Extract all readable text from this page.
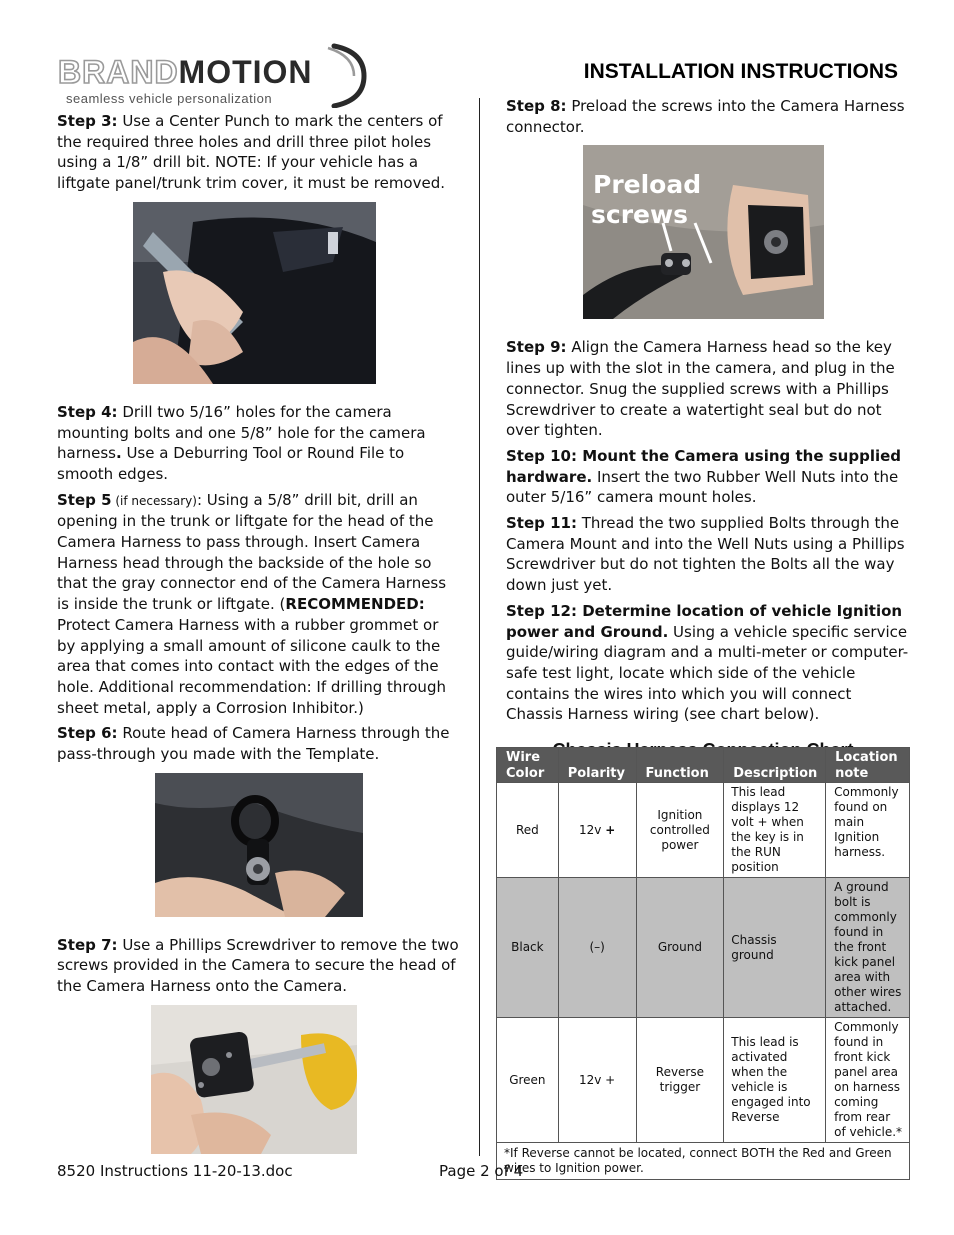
BRANDMOTION
seamless vehicle personalization
INSTALLATION INSTRUCTIONS

Step 3: Use a Center Punch to mark the centers of the required three holes and drill three pilot holes using a 1/8” drill bit. NOTE: If your vehicle has a liftgate panel/trunk trim cover, it must be removed.

Step 4: Drill two 5/16” holes for the camera mounting bolts and one 5/8” hole for the camera harness. Use a Deburring Tool or Round File to smooth edges.

Step 5 (if necessary): Using a 5/8” drill bit, drill an opening in the trunk or liftgate for the head of the Camera Harness to pass through. Insert Camera Harness head through the backside of the hole so that the gray connector end of the Camera Harness is inside the trunk or liftgate. (RECOMMENDED: Protect Camera Harness with a rubber grommet or by applying a small amount of silicone caulk to the area that comes into contact with the edges of the hole. Additional recommendation: If drilling through sheet metal, apply a Corrosion Inhibitor.)

Step 6: Route head of Camera Harness through the pass-through you made with the Template.

Step 7: Use a Phillips Screwdriver to remove the two screws provided in the Camera to secure the head of the Camera Harness onto the Camera.

Step 8: Preload the screws into the Camera Harness connector.

Preload
screws

Step 9: Align the Camera Harness head so the key lines up with the slot in the camera, and plug in the connector. Snug the supplied screws with a Phillips Screwdriver to create a watertight seal but do not over tighten.

Step 10: Mount the Camera using the supplied hardware. Insert the two Rubber Well Nuts into the outer 5/16” camera mount holes.

Step 11: Thread the two supplied Bolts through the Camera Mount and into the Well Nuts using a Phillips Screwdriver but do not tighten the Bolts all the way down just yet.

Step 12: Determine location of vehicle Ignition power and Ground. Using a vehicle specific service guide/wiring diagram and a multi-meter or computer-safe test light, locate which side of the vehicle contains the wires into which you will connect Chassis Harness wiring (see chart below).

Wire Color	Polarity	Function	Description	Location note
Red	12v +	Ignition controlled power	This lead displays 12 volt + when the key is in the RUN position	Commonly found on main Ignition harness.
Black	(–)	Ground	Chassis ground	A ground bolt is commonly found in the front kick panel area with other wires attached.
Green	12v +	Reverse trigger	This lead is activated when the vehicle is engaged into Reverse	Commonly found in front kick panel area on harness coming from rear of vehicle.*
*If Reverse cannot be located, connect BOTH the Red and Green wires to Ignition power.				
8520 Instructions 11-20-13.doc	Page 2 of 4
